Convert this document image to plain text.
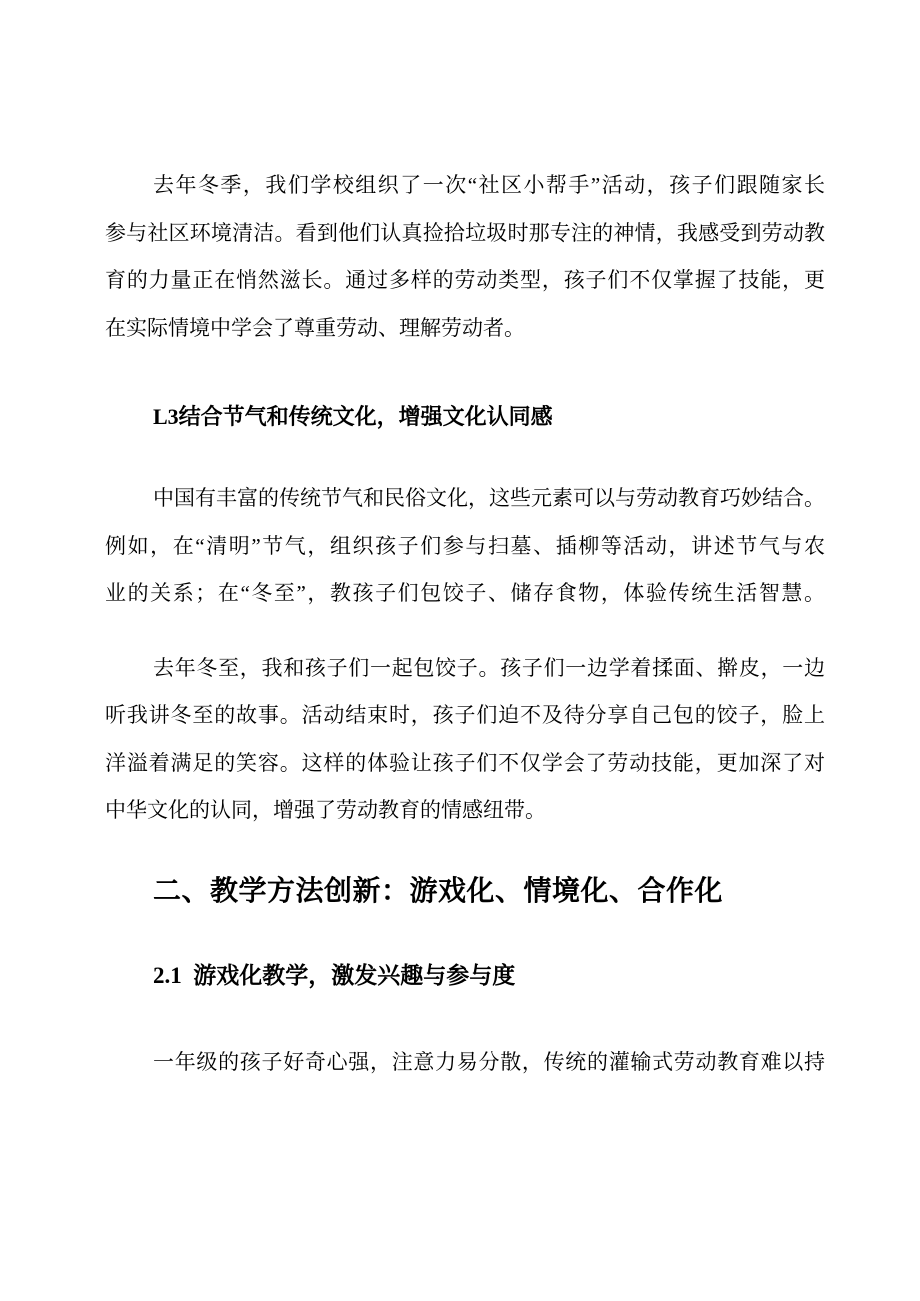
去年冬季，我们学校组织了一次“社区小帮手”活动，孩子们跟随家长
参与社区环境清洁。看到他们认真捡拾垃圾时那专注的神情，我感受到劳动教
育的力量正在悄然滋长。通过多样的劳动类型，孩子们不仅掌握了技能，更
在实际情境中学会了尊重劳动、理解劳动者。
L3结合节气和传统文化，增强文化认同感
中国有丰富的传统节气和民俗文化，这些元素可以与劳动教育巧妙结合。
例如，在“清明”节气，组织孩子们参与扫墓、插柳等活动，讲述节气与农
业的关系；在“冬至”，教孩子们包饺子、储存食物，体验传统生活智慧。
去年冬至，我和孩子们一起包饺子。孩子们一边学着揉面、擀皮，一边
听我讲冬至的故事。活动结束时，孩子们迫不及待分享自己包的饺子，脸上
洋溢着满足的笑容。这样的体验让孩子们不仅学会了劳动技能，更加深了对
中华文化的认同，增强了劳动教育的情感纽带。
二、教学方法创新：游戏化、情境化、合作化
2.1  游戏化教学，激发兴趣与参与度
一年级的孩子好奇心强，注意力易分散，传统的灌输式劳动教育难以持
